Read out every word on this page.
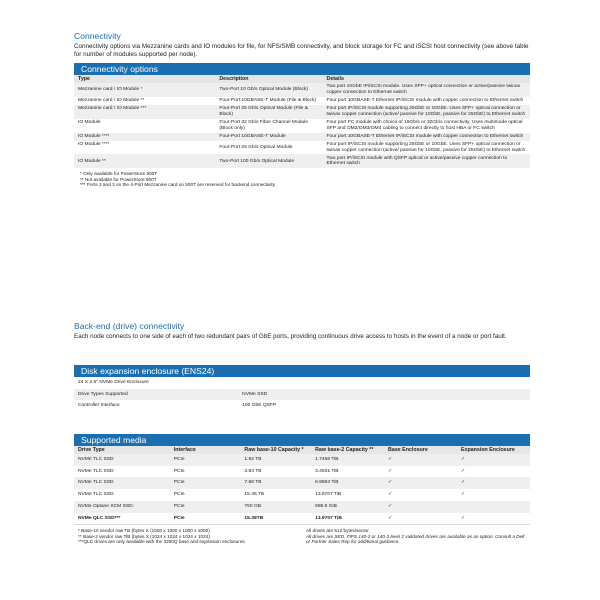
Connectivity

Connectivity options via Mezzanine cards and IO modules for file, for NFS/SMB connectivity, and block storage for FC and iSCSI host connectivity (see above table for number of modules supported per node).

Connectivity options
Type	Description	Details
Mezzanine card / IO Module *	Two-Port 10 Gb/s Optical Module (Block)	Two port 10GbE IP/iSCSI module. Uses SFP+ optical connection or active/passive twinax copper connection to Ethernet switch
Mezzanine card / IO Module **	Four-Port 10GBASE-T Module (File & Block)	Four port 10GBASE-T Ethernet IP/iSCSI module with copper connection to Ethernet switch
Mezzanine card / IO Module ***	Four-Port 25 Gb/s Optical Module (File & Block)	Four port IP/iSCSI module supporting 25GbE or 10GbE. Uses SFP+ optical connection or twinax copper connection (active/ passive for 10GbE, passive for 25GbE) to Ethernet switch
IO Module	Four-Port 32 Gb/s Fibre Channel Module (Block only)	Four port FC module with choice of 16Gb/s or 32Gb/s connectivity. Uses multimode optical SFP and OM2/OM3/OM4 cabling to connect directly to host HBA or FC switch
IO Module ****	Four-Port 10GBASE-T Module	Four port 10GBASE-T Ethernet IP/iSCSI module with copper connection to Ethernet switch
IO Module ****	Four-Port 25 Gb/s Optical Module	Four port IP/iSCSI module supporting 25GbE or 10GbE. Uses SFP+ optical connection or twinax copper connection (active/ passive for 10GbE, passive for 25GbE) to Ethernet switch
IO Module **	Two-Port 100 Gb/s Optical Module	Two port IP/iSCSI module with QSFP optical or active/passive copper connection to Ethernet switch
* Only available for PowerStore 500T
** Not available for PowerStore 500T
*** Ports 2 and 3 on the 4-Port Mezzanine card on 500T are reserved for backend connectivity
Back-end (drive) connectivity

Each node connects to one side of each of two redundant pairs of GbE ports, providing continuous drive access to hosts in the event of a node or port fault.

Disk expansion enclosure (ENS24)
24 X 2.5" NVMe Drive Enclosure	
Drive Types Supported	NVMe SSD
Controller Interface	100 GbE QSFP
Supported media
Drive Type	Interface	Raw base-10 Capacity *	Raw base-2 Capacity **	Base Enclosure	Expansion Enclosure
NVMe TLC SSD	PCIe	1.92 TB	1.7466 TiB	✓	✓
NVMe TLC SSD	PCIe	3.84 TB	3.4931 TiB	✓	✓
NVMe TLC SSD	PCIe	7.68 TB	6.9863 TiB	✓	✓
NVMe TLC SSD	PCIe	15.36 TB	13.9707 TiB	✓	✓
NVMe Optane SCM SSD.	PCIe	750 GB	698.6 GiB	✓	
NVMe QLC SSD***	PCIe	15.36TB	13.9707 TiB	✓	✓
* Base-10 vendor raw TB (bytes X (1000 x 1000 x 1000 x 1000)
** Base-2 vendor raw TiB (bytes X (1024 x 1024 x 1024 x 1024)
***QLC drives are only available with the 3200Q base and expansion enclosures
All drives are 512 bytes/sector.
All drives are SED. FIPS 140-2 or 140-3 level 2 validated drives are available as an option. Consult a Dell or Partner Sales Rep for additional guidance.
